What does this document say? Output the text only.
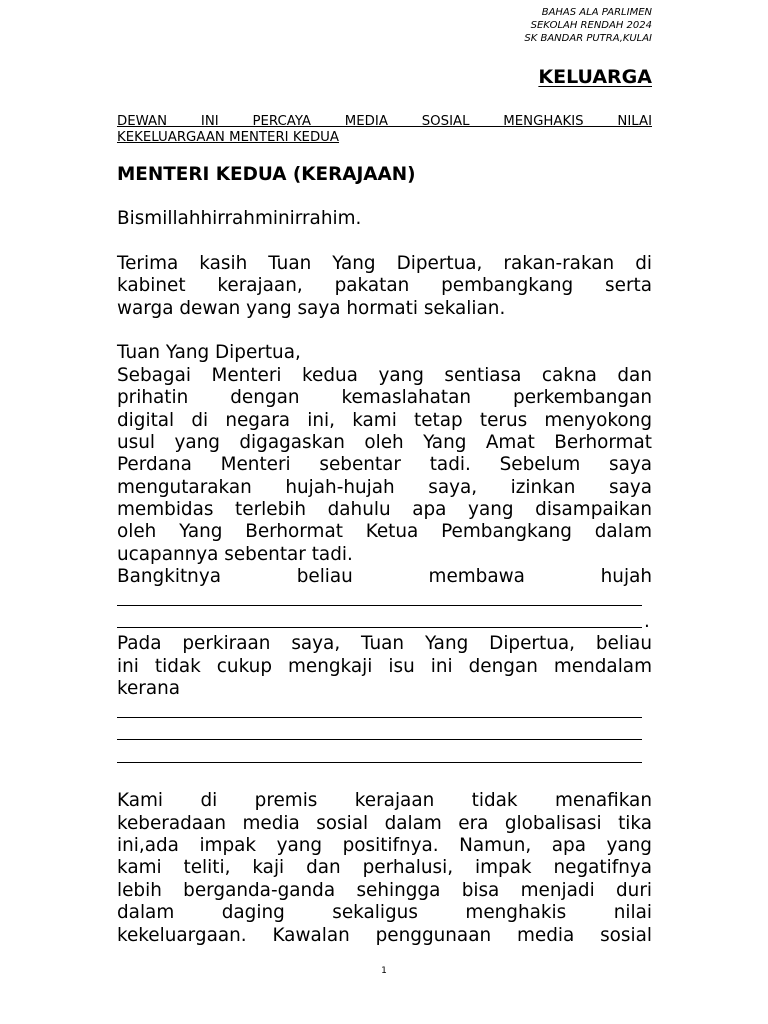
BAHAS ALA PARLIMEN
SEKOLAH RENDAH 2024
SK BANDAR PUTRA,KULAI
KELUARGA
DEWAN INI PERCAYA MEDIA SOSIAL MENGHAKIS NILAI
KEKELUARGAAN MENTERI KEDUA
MENTERI KEDUA (KERAJAAN)
Bismillahhirrahminirrahim.
Terima kasih Tuan Yang Dipertua, rakan-rakan di
kabinet kerajaan, pakatan pembangkang serta
warga dewan yang saya hormati sekalian.
Tuan Yang Dipertua,
Sebagai Menteri kedua yang sentiasa cakna dan
prihatin dengan kemaslahatan perkembangan
digital di negara ini, kami tetap terus menyokong
usul yang digagaskan oleh Yang Amat Berhormat
Perdana Menteri sebentar tadi. Sebelum saya
mengutarakan hujah-hujah saya, izinkan saya
membidas terlebih dahulu apa yang disampaikan
oleh Yang Berhormat Ketua Pembangkang dalam
ucapannya sebentar tadi.
Bangkitnya beliau membawa hujah
.
Pada perkiraan saya, Tuan Yang Dipertua, beliau
ini tidak cukup mengkaji isu ini dengan mendalam
kerana
Kami di premis kerajaan tidak menafikan
keberadaan media sosial dalam era globalisasi tika
ini,ada impak yang positifnya. Namun, apa yang
kami teliti, kaji dan perhalusi, impak negatifnya
lebih berganda-ganda sehingga bisa menjadi duri
dalam daging sekaligus menghakis nilai
kekeluargaan. Kawalan penggunaan media sosial
1
